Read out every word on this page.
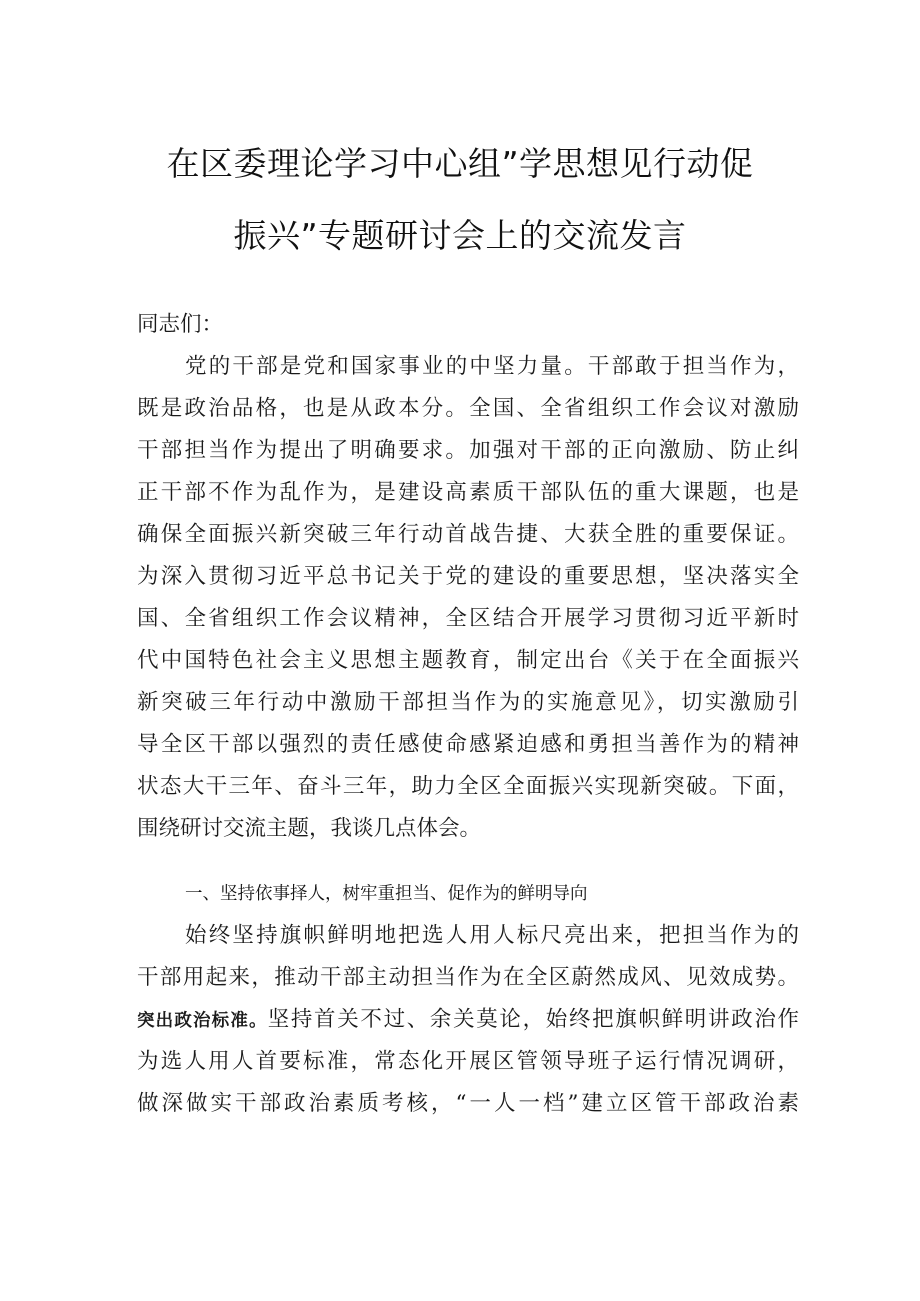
在区委理论学习中心组”学思想见行动促
振兴”专题研讨会上的交流发言
同志们：
党的干部是党和国家事业的中坚力量。干部敢于担当作为，
既是政治品格，也是从政本分。全国、全省组织工作会议对激励
干部担当作为提出了明确要求。加强对干部的正向激励、防止纠
正干部不作为乱作为，是建设高素质干部队伍的重大课题，也是
确保全面振兴新突破三年行动首战告捷、大获全胜的重要保证。
为深入贯彻习近平总书记关于党的建设的重要思想，坚决落实全
国、全省组织工作会议精神，全区结合开展学习贯彻习近平新时
代中国特色社会主义思想主题教育，制定出台《关于在全面振兴
新突破三年行动中激励干部担当作为的实施意见》，切实激励引
导全区干部以强烈的责任感使命感紧迫感和勇担当善作为的精神
状态大干三年、奋斗三年，助力全区全面振兴实现新突破。下面，
围绕研讨交流主题，我谈几点体会。
一、坚持依事择人，树牢重担当、促作为的鲜明导向
始终坚持旗帜鲜明地把选人用人标尺亮出来，把担当作为的
干部用起来，推动干部主动担当作为在全区蔚然成风、见效成势。
突出政治标准。坚持首关不过、余关莫论，始终把旗帜鲜明讲政治作
为选人用人首要标准，常态化开展区管领导班子运行情况调研，
做深做实干部政治素质考核，“一人一档”建立区管干部政治素
